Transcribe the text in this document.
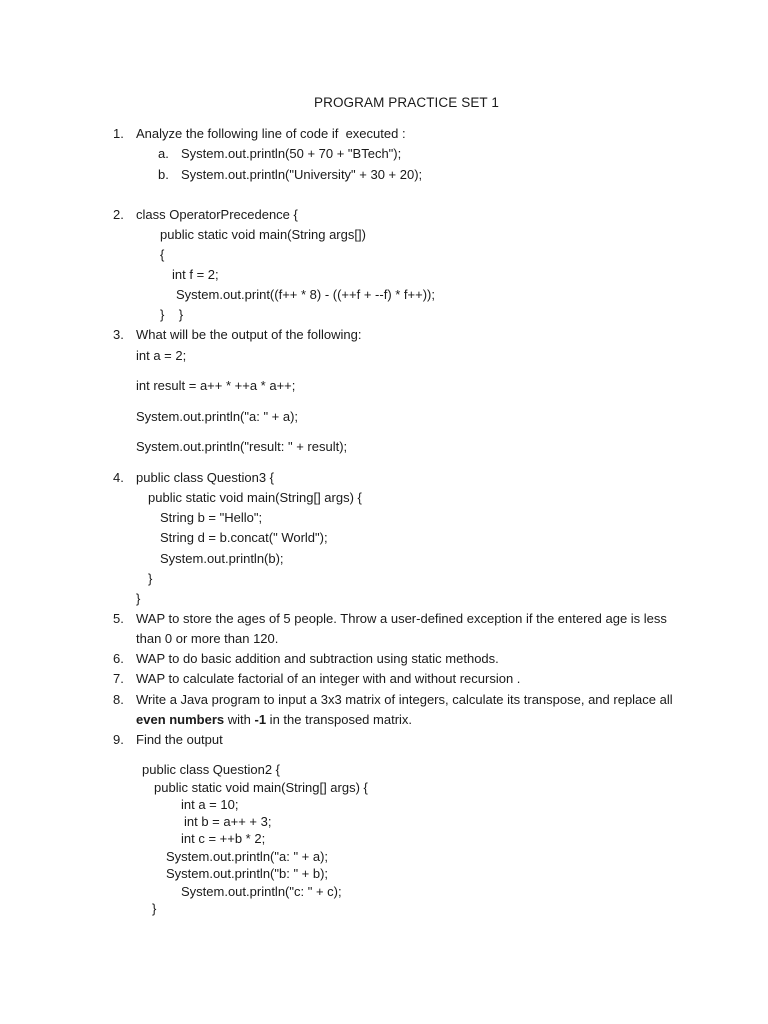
PROGRAM PRACTICE SET 1
1. Analyze the following line of code if  executed :
a. System.out.println(50 + 70 + "BTech");
b. System.out.println("University" + 30 + 20);
2. class OperatorPrecedence {
public static void main(String args[])
{
int f = 2;
System.out.print((f++ * 8) - ((++f + --f) * f++));
}    }
3. What will be the output of the following:
int a = 2;
int result = a++ * ++a * a++;
System.out.println("a: " + a);
System.out.println("result: " + result);
4. public class Question3 {
public static void main(String[] args) {
String b = "Hello";
String d = b.concat(" World");
System.out.println(b);
}
}
5. WAP to store the ages of 5 people. Throw a user-defined exception if the entered age is less
than 0 or more than 120.
6. WAP to do basic addition and subtraction using static methods.
7. WAP to calculate factorial of an integer with and without recursion .
8. Write a Java program to input a 3x3 matrix of integers, calculate its transpose, and replace all
even numbers with -1 in the transposed matrix.
9. Find the output
public class Question2 {
public static void main(String[] args) {
int a = 10;
int b = a++ + 3;
int c = ++b * 2;
System.out.println("a: " + a);
System.out.println("b: " + b);
System.out.println("c: " + c);
}
